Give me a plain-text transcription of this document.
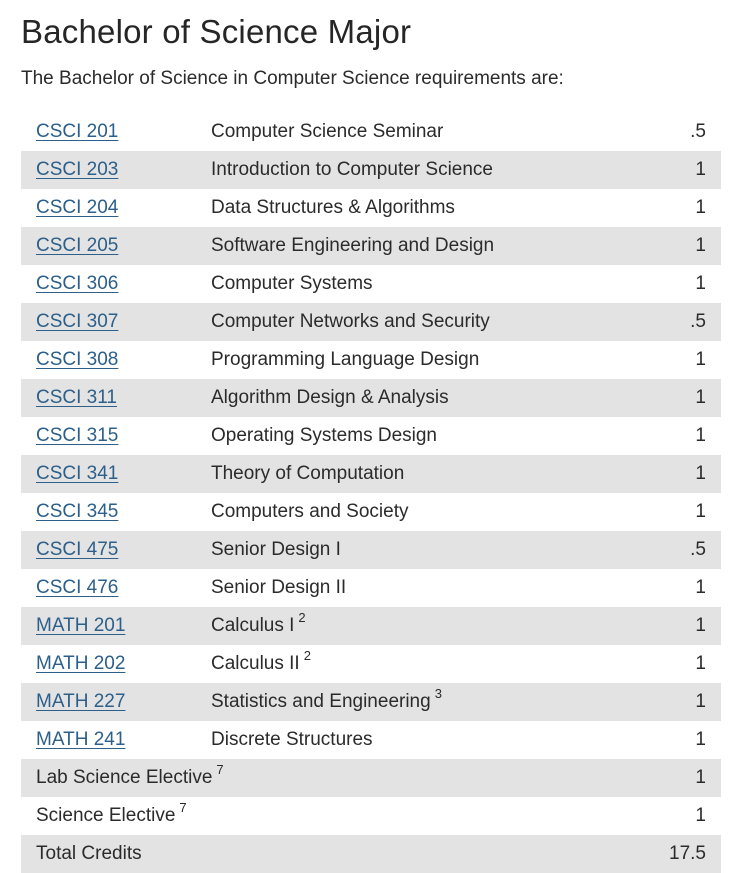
Bachelor of Science Major

The Bachelor of Science in Computer Science requirements are:

CSCI 201	Computer Science Seminar	.5
CSCI 203	Introduction to Computer Science	1
CSCI 204	Data Structures & Algorithms	1
CSCI 205	Software Engineering and Design	1
CSCI 306	Computer Systems	1
CSCI 307	Computer Networks and Security	.5
CSCI 308	Programming Language Design	1
CSCI 311	Algorithm Design & Analysis	1
CSCI 315	Operating Systems Design	1
CSCI 341	Theory of Computation	1
CSCI 345	Computers and Society	1
CSCI 475	Senior Design I	.5
CSCI 476	Senior Design II	1
MATH 201	Calculus I $^2$	1
MATH 202	Calculus II $^2$	1
MATH 227	Statistics and Engineering $^3$	1
MATH 241	Discrete Structures	1
Lab Science Elective $^7$		1
Science Elective $^7$		1
Total Credits		17.5
